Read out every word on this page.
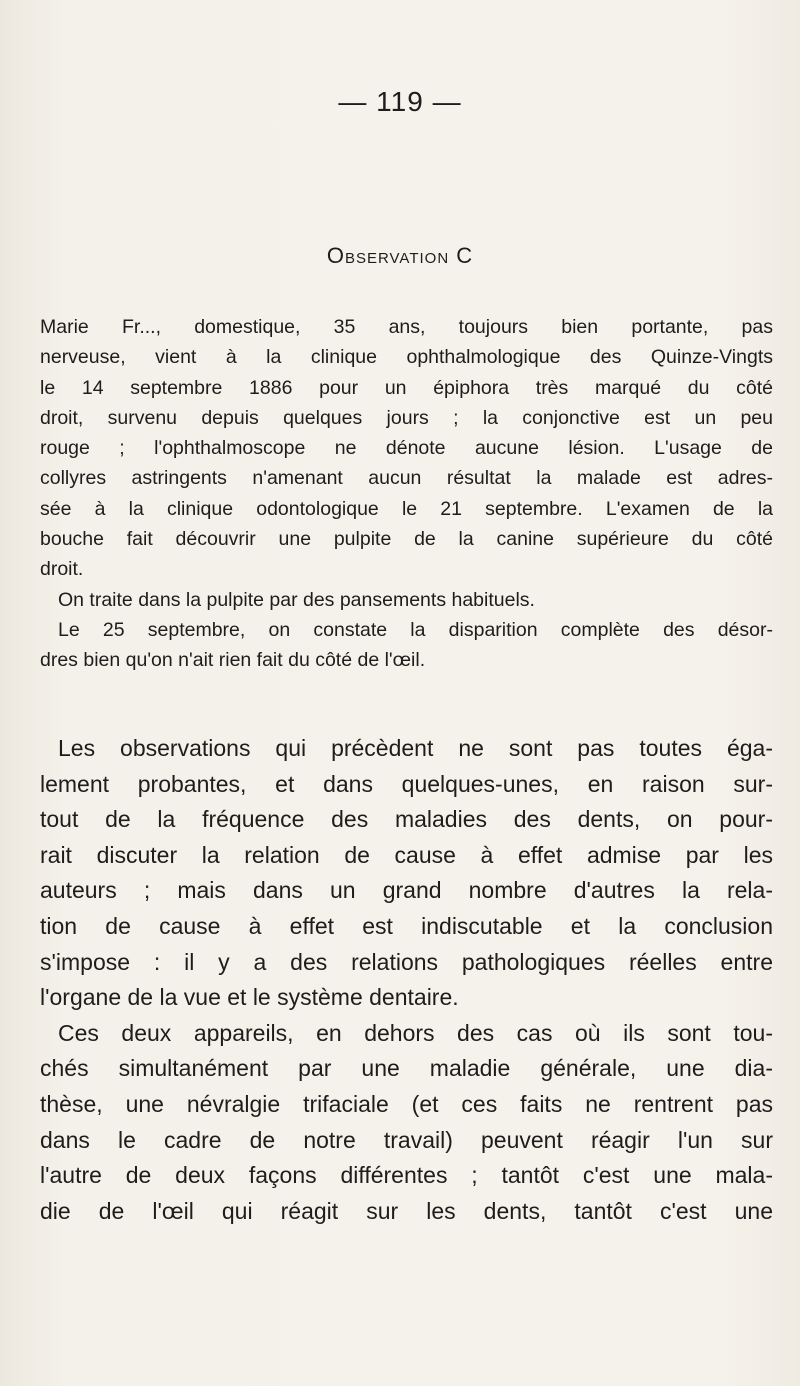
— 119 —
Observation C
Marie Fr..., domestique, 35 ans, toujours bien portante, pas
nerveuse, vient à la clinique ophthalmologique des Quinze-Vingts
le 14 septembre 1886 pour un épiphora très marqué du côté
droit, survenu depuis quelques jours ; la conjonctive est un peu
rouge ; l'ophthalmoscope ne dénote aucune lésion. L'usage de
collyres astringents n'amenant aucun résultat la malade est adres-
sée à la clinique odontologique le 21 septembre. L'examen de la
bouche fait découvrir une pulpite de la canine supérieure du côté
droit.
On traite dans la pulpite par des pansements habituels.
Le 25 septembre, on constate la disparition complète des désor-
dres bien qu'on n'ait rien fait du côté de l'œil.
Les observations qui précèdent ne sont pas toutes éga-
lement probantes, et dans quelques-unes, en raison sur-
tout de la fréquence des maladies des dents, on pour-
rait discuter la relation de cause à effet admise par les
auteurs ; mais dans un grand nombre d'autres la rela-
tion de cause à effet est indiscutable et la conclusion
s'impose : il y a des relations pathologiques réelles entre
l'organe de la vue et le système dentaire.
Ces deux appareils, en dehors des cas où ils sont tou-
chés simultanément par une maladie générale, une dia-
thèse, une névralgie trifaciale (et ces faits ne rentrent pas
dans le cadre de notre travail) peuvent réagir l'un sur
l'autre de deux façons différentes ; tantôt c'est une mala-
die de l'œil qui réagit sur les dents, tantôt c'est une
